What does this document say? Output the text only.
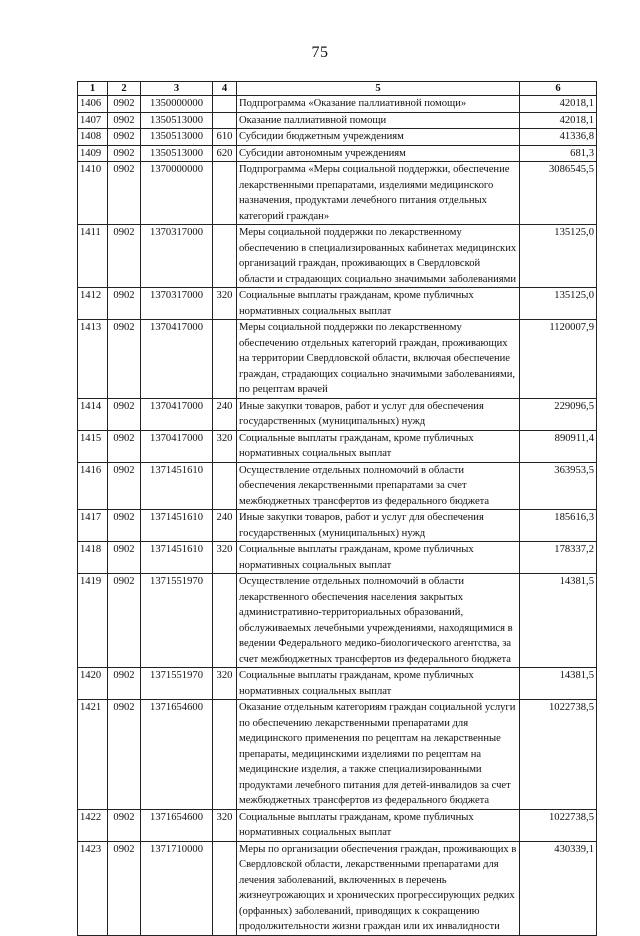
75
1	2	3	4	5	6
1406	0902	1350000000		Подпрограмма «Оказание паллиативной помощи»	42018,1
1407	0902	1350513000		Оказание паллиативной помощи	42018,1
1408	0902	1350513000	610	Субсидии бюджетным учреждениям	41336,8
1409	0902	1350513000	620	Субсидии автономным учреждениям	681,3
1410	0902	1370000000		Подпрограмма «Меры социальной поддержки, обеспечение лекарственными препаратами, изделиями медицинского назначения, продуктами лечебного питания отдельных категорий граждан»	3086545,5
1411	0902	1370317000		Меры социальной поддержки по лекарственному обеспечению в специализированных кабинетах медицинских организаций граждан, проживающих в Свердловской области и страдающих социально значимыми заболеваниями	135125,0
1412	0902	1370317000	320	Социальные выплаты гражданам, кроме публичных нормативных социальных выплат	135125,0
1413	0902	1370417000		Меры социальной поддержки по лекарственному обеспечению отдельных категорий граждан, проживающих на территории Свердловской области, включая обеспечение граждан, страдающих социально значимыми заболеваниями, по рецептам врачей	1120007,9
1414	0902	1370417000	240	Иные закупки товаров, работ и услуг для обеспечения государственных (муниципальных) нужд	229096,5
1415	0902	1370417000	320	Социальные выплаты гражданам, кроме публичных нормативных социальных выплат	890911,4
1416	0902	1371451610		Осуществление отдельных полномочий в области обеспечения лекарственными препаратами за счет межбюджетных трансфертов из федерального бюджета	363953,5
1417	0902	1371451610	240	Иные закупки товаров, работ и услуг для обеспечения государственных (муниципальных) нужд	185616,3
1418	0902	1371451610	320	Социальные выплаты гражданам, кроме публичных нормативных социальных выплат	178337,2
1419	0902	1371551970		Осуществление отдельных полномочий в области лекарственного обеспечения населения закрытых административно-территориальных образований, обслуживаемых лечебными учреждениями, находящимися в ведении Федерального медико-биологического агентства, за счет межбюджетных трансфертов из федерального бюджета	14381,5
1420	0902	1371551970	320	Социальные выплаты гражданам, кроме публичных нормативных социальных выплат	14381,5
1421	0902	1371654600		Оказание отдельным категориям граждан социальной услуги по обеспечению лекарственными препаратами для медицинского применения по рецептам на лекарственные препараты, медицинскими изделиями по рецептам на медицинские изделия, а также специализированными продуктами лечебного питания для детей-инвалидов за счет межбюджетных трансфертов из федерального бюджета	1022738,5
1422	0902	1371654600	320	Социальные выплаты гражданам, кроме публичных нормативных социальных выплат	1022738,5
1423	0902	1371710000		Меры по организации обеспечения граждан, проживающих в Свердловской области, лекарственными препаратами для лечения заболеваний, включенных в перечень жизнеугрожающих и хронических прогрессирующих редких (орфанных) заболеваний, приводящих к сокращению продолжительности жизни граждан или их инвалидности	430339,1
